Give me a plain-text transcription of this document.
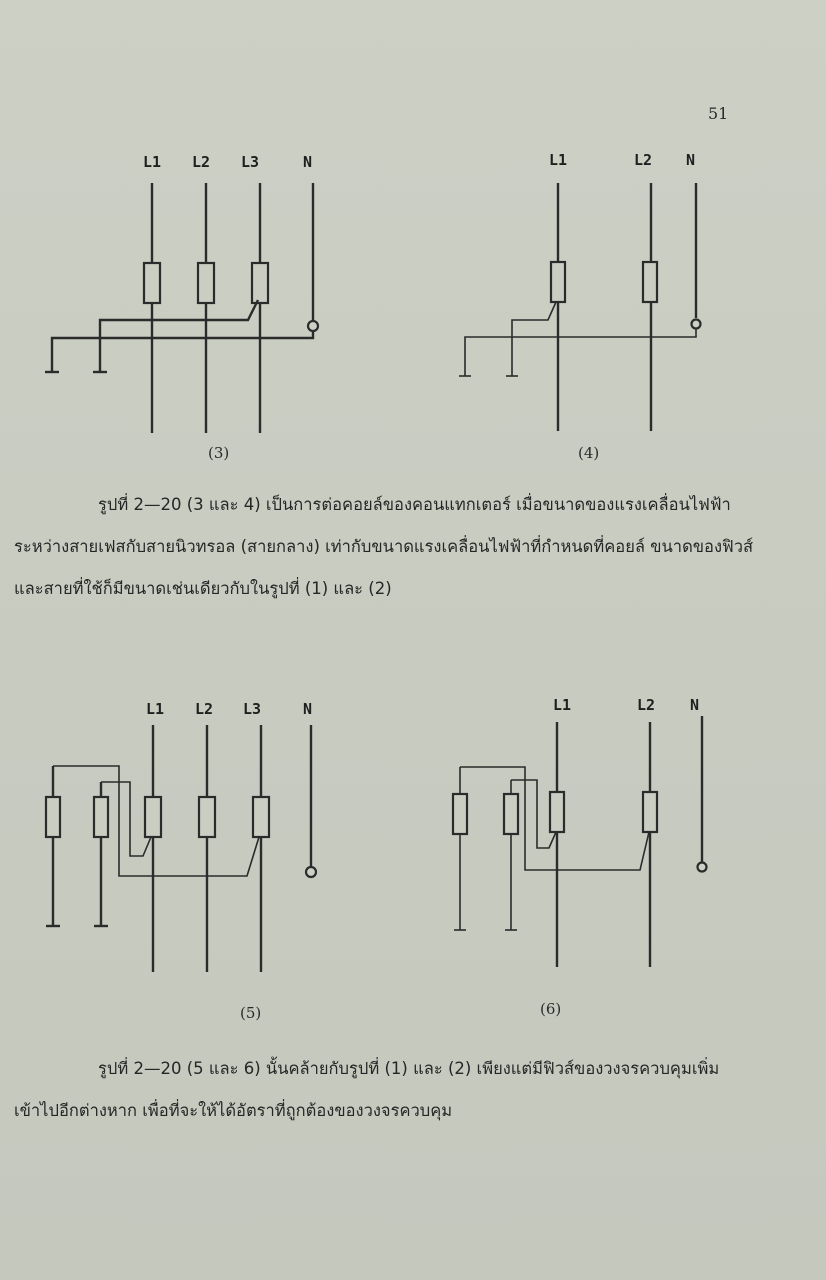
51
L1 L2 L3	N
(3)
L1	L2 N
(4)
L1 L2 L3	N
(5)
L1	L2 N
(6)
รูปที่ 2—20 (3 และ 4) เป็นการต่อคอยล์ของคอนแทกเตอร์ เมื่อขนาดของแรงเคลื่อนไฟฟ้าระหว่างสายเฟสกับสายนิวทรอล (สายกลาง) เท่ากับขนาดแรงเคลื่อนไฟฟ้าที่กำหนดที่คอยล์ ขนาดของฟิวส์และสายที่ใช้ก็มีขนาดเช่นเดียวกับในรูปที่ (1) และ (2)
รูปที่ 2—20 (5 และ 6) นั้นคล้ายกับรูปที่ (1) และ (2) เพียงแต่มีฟิวส์ของวงจรควบคุมเพิ่มเข้าไปอีกต่างหาก เพื่อที่จะให้ได้อัตราที่ถูกต้องของวงจรควบคุม
